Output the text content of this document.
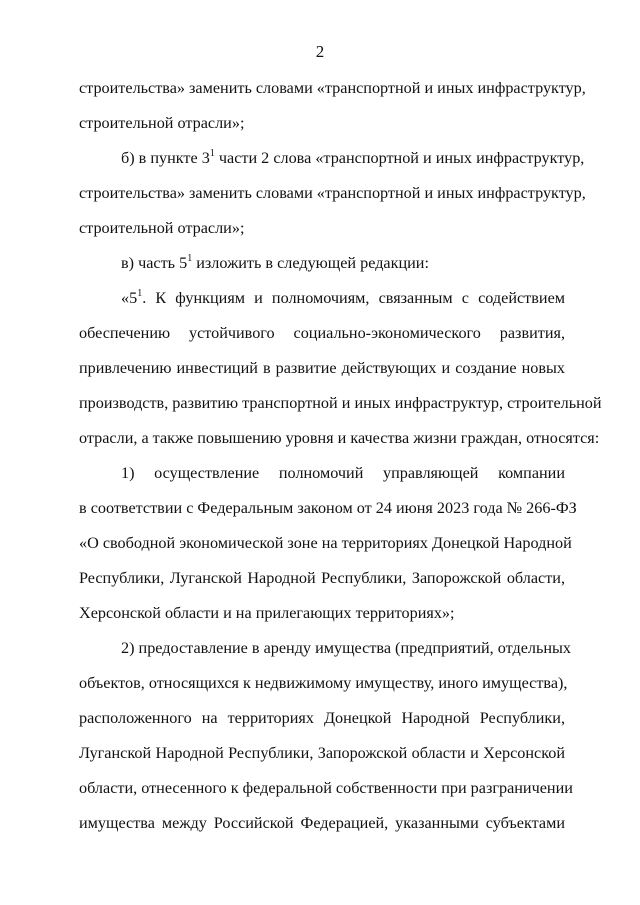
2
строительства» заменить словами «транспортной и иных инфраструктур,
строительной отрасли»;
б) в пункте $3^1$ части 2 слова «транспортной и иных инфраструктур,
строительства» заменить словами «транспортной и иных инфраструктур,
строительной отрасли»;
в) часть $5^1$ изложить в следующей редакции:
«$5^1$. К функциям и полномочиям, связанным с содействием
обеспечению устойчивого социально-экономического развития,
привлечению инвестиций в развитие действующих и создание новых
производств, развитию транспортной и иных инфраструктур, строительной
отрасли, а также повышению уровня и качества жизни граждан, относятся:
1) осуществление полномочий управляющей компании
в соответствии с Федеральным законом от 24 июня 2023 года № 266-ФЗ
«О свободной экономической зоне на территориях Донецкой Народной
Республики, Луганской Народной Республики, Запорожской области,
Херсонской области и на прилегающих территориях»;
2) предоставление в аренду имущества (предприятий, отдельных
объектов, относящихся к недвижимому имуществу, иного имущества),
расположенного на территориях Донецкой Народной Республики,
Луганской Народной Республики, Запорожской области и Херсонской
области, отнесенного к федеральной собственности при разграничении
имущества между Российской Федерацией, указанными субъектами
